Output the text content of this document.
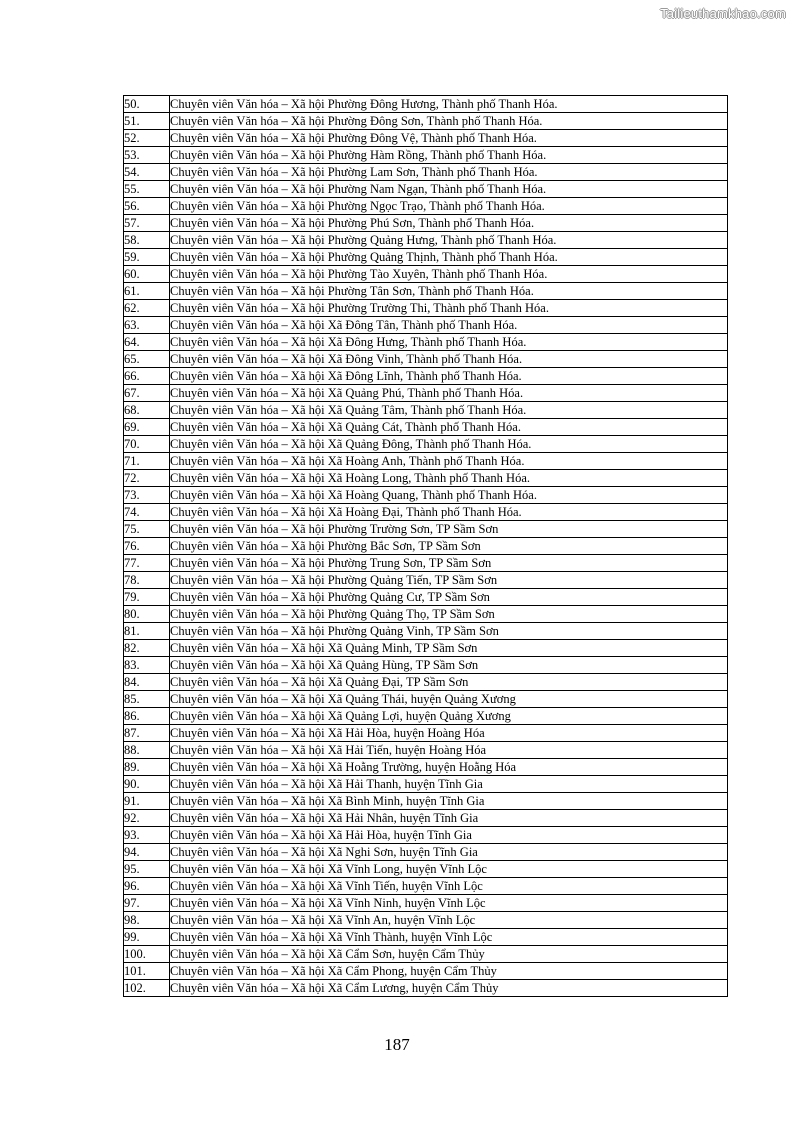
Tailieuthamkhao.com
50.	Chuyên viên Văn hóa – Xã hội Phường Đông Hương, Thành phố Thanh Hóa.
51.	Chuyên viên Văn hóa – Xã hội Phường Đông Sơn, Thành phố Thanh Hóa.
52.	Chuyên viên Văn hóa – Xã hội Phường Đông Vệ, Thành phố Thanh Hóa.
53.	Chuyên viên Văn hóa – Xã hội Phường Hàm Rồng, Thành phố Thanh Hóa.
54.	Chuyên viên Văn hóa – Xã hội Phường Lam Sơn, Thành phố Thanh Hóa.
55.	Chuyên viên Văn hóa – Xã hội Phường Nam Ngạn, Thành phố Thanh Hóa.
56.	Chuyên viên Văn hóa – Xã hội Phường Ngọc Trạo, Thành phố Thanh Hóa.
57.	Chuyên viên Văn hóa – Xã hội Phường Phú Sơn, Thành phố Thanh Hóa.
58.	Chuyên viên Văn hóa – Xã hội Phường Quảng Hưng, Thành phố Thanh Hóa.
59.	Chuyên viên Văn hóa – Xã hội Phường Quảng Thịnh, Thành phố Thanh Hóa.
60.	Chuyên viên Văn hóa – Xã hội Phường Tào Xuyên, Thành phố Thanh Hóa.
61.	Chuyên viên Văn hóa – Xã hội Phường Tân Sơn, Thành phố Thanh Hóa.
62.	Chuyên viên Văn hóa – Xã hội Phường Trường Thi, Thành phố Thanh Hóa.
63.	Chuyên viên Văn hóa – Xã hội Xã Đông Tân, Thành phố Thanh Hóa.
64.	Chuyên viên Văn hóa – Xã hội Xã Đông Hưng, Thành phố Thanh Hóa.
65.	Chuyên viên Văn hóa – Xã hội Xã Đông Vinh, Thành phố Thanh Hóa.
66.	Chuyên viên Văn hóa – Xã hội Xã Đông Lĩnh, Thành phố Thanh Hóa.
67.	Chuyên viên Văn hóa – Xã hội Xã Quảng Phú, Thành phố Thanh Hóa.
68.	Chuyên viên Văn hóa – Xã hội Xã Quảng Tâm, Thành phố Thanh Hóa.
69.	Chuyên viên Văn hóa – Xã hội Xã Quảng Cát, Thành phố Thanh Hóa.
70.	Chuyên viên Văn hóa – Xã hội Xã Quảng Đông, Thành phố Thanh Hóa.
71.	Chuyên viên Văn hóa – Xã hội Xã Hoàng Anh, Thành phố Thanh Hóa.
72.	Chuyên viên Văn hóa – Xã hội Xã Hoàng Long, Thành phố Thanh Hóa.
73.	Chuyên viên Văn hóa – Xã hội Xã Hoàng Quang, Thành phố Thanh Hóa.
74.	Chuyên viên Văn hóa – Xã hội Xã Hoàng Đại, Thành phố Thanh Hóa.
75.	Chuyên viên Văn hóa – Xã hội Phường Trường Sơn, TP Sầm Sơn
76.	Chuyên viên Văn hóa – Xã hội Phường Bắc Sơn, TP Sầm Sơn
77.	Chuyên viên Văn hóa – Xã hội Phường Trung Sơn, TP Sầm Sơn
78.	Chuyên viên Văn hóa – Xã hội Phường Quảng Tiến, TP Sầm Sơn
79.	Chuyên viên Văn hóa – Xã hội Phường Quảng Cư, TP Sầm Sơn
80.	Chuyên viên Văn hóa – Xã hội Phường Quảng Thọ, TP Sầm Sơn
81.	Chuyên viên Văn hóa – Xã hội Phường Quảng Vinh, TP Sầm Sơn
82.	Chuyên viên Văn hóa – Xã hội Xã Quảng Minh, TP Sầm Sơn
83.	Chuyên viên Văn hóa – Xã hội Xã Quảng Hùng, TP Sầm Sơn
84.	Chuyên viên Văn hóa – Xã hội Xã Quảng Đại, TP Sầm Sơn
85.	Chuyên viên Văn hóa – Xã hội Xã Quảng Thái, huyện Quảng Xương
86.	Chuyên viên Văn hóa – Xã hội Xã Quảng Lợi, huyện Quảng Xương
87.	Chuyên viên Văn hóa – Xã hội Xã Hải Hòa, huyện Hoàng Hóa
88.	Chuyên viên Văn hóa – Xã hội Xã Hải Tiến, huyện Hoàng Hóa
89.	Chuyên viên Văn hóa – Xã hội Xã Hoằng Trường, huyện Hoằng Hóa
90.	Chuyên viên Văn hóa – Xã hội Xã Hải Thanh, huyện Tĩnh Gia
91.	Chuyên viên Văn hóa – Xã hội Xã Bình Minh, huyện Tĩnh Gia
92.	Chuyên viên Văn hóa – Xã hội Xã Hải Nhân, huyện Tĩnh Gia
93.	Chuyên viên Văn hóa – Xã hội Xã Hải Hòa, huyện Tĩnh Gia
94.	Chuyên viên Văn hóa – Xã hội Xã Nghi Sơn, huyện Tĩnh Gia
95.	Chuyên viên Văn hóa – Xã hội Xã Vĩnh Long, huyện Vĩnh Lộc
96.	Chuyên viên Văn hóa – Xã hội Xã Vĩnh Tiến, huyện Vĩnh Lộc
97.	Chuyên viên Văn hóa – Xã hội Xã Vĩnh Ninh, huyện Vĩnh Lộc
98.	Chuyên viên Văn hóa – Xã hội Xã Vĩnh An, huyện Vĩnh Lộc
99.	Chuyên viên Văn hóa – Xã hội Xã Vĩnh Thành, huyện Vĩnh Lộc
100.	Chuyên viên Văn hóa – Xã hội Xã Cẩm Sơn, huyện Cẩm Thủy
101.	Chuyên viên Văn hóa – Xã hội Xã Cẩm Phong, huyện Cẩm Thủy
102.	Chuyên viên Văn hóa – Xã hội Xã Cẩm Lương, huyện Cẩm Thủy
187
